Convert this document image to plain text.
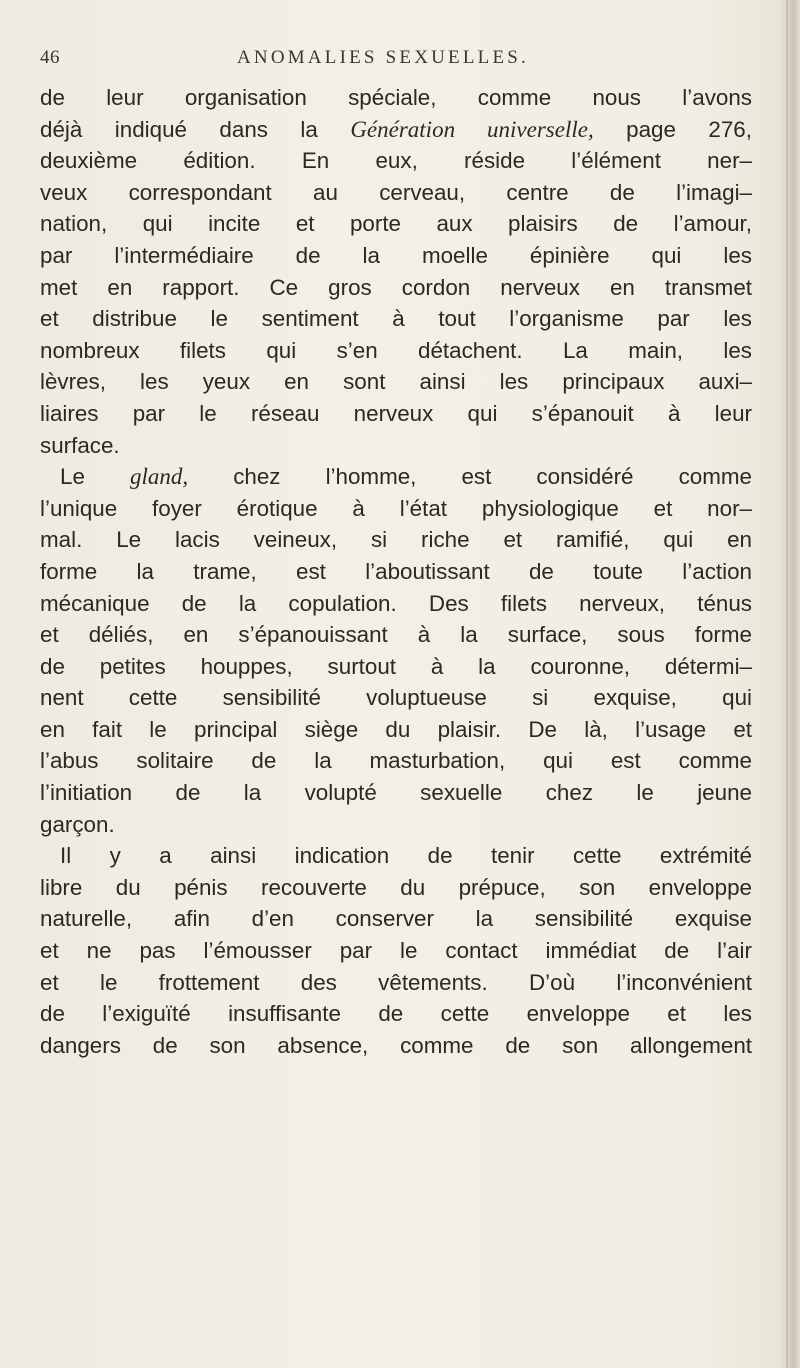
46	ANOMALIES SEXUELLES.
de leur organisation spéciale, comme nous l’avons
déjà indiqué dans la Génération universelle, page 276,
deuxième édition. En eux, réside l’élément ner–
veux correspondant au cerveau, centre de l’imagi–
nation, qui incite et porte aux plaisirs de l’amour,
par l’intermédiaire de la moelle épinière qui les
met en rapport. Ce gros cordon nerveux en transmet
et distribue le sentiment à tout l’organisme par les
nombreux filets qui s’en détachent. La main, les
lèvres, les yeux en sont ainsi les principaux auxi–
liaires par le réseau nerveux qui s’épanouit à leur
surface.
Le gland, chez l’homme, est considéré comme
l’unique foyer érotique à l’état physiologique et nor–
mal. Le lacis veineux, si riche et ramifié, qui en
forme la trame, est l’aboutissant de toute l’action
mécanique de la copulation. Des filets nerveux, ténus
et déliés, en s’épanouissant à la surface, sous forme
de petites houppes, surtout à la couronne, détermi–
nent cette sensibilité voluptueuse si exquise, qui
en fait le principal siège du plaisir. De là, l’usage et
l’abus solitaire de la masturbation, qui est comme
l’initiation de la volupté sexuelle chez le jeune
garçon.
Il y a ainsi indication de tenir cette extrémité
libre du pénis recouverte du prépuce, son enveloppe
naturelle, afin d’en conserver la sensibilité exquise
et ne pas l’émousser par le contact immédiat de l’air
et le frottement des vêtements. D’où l’inconvénient
de l’exiguïté insuffisante de cette enveloppe et les
dangers de son absence, comme de son allongement
